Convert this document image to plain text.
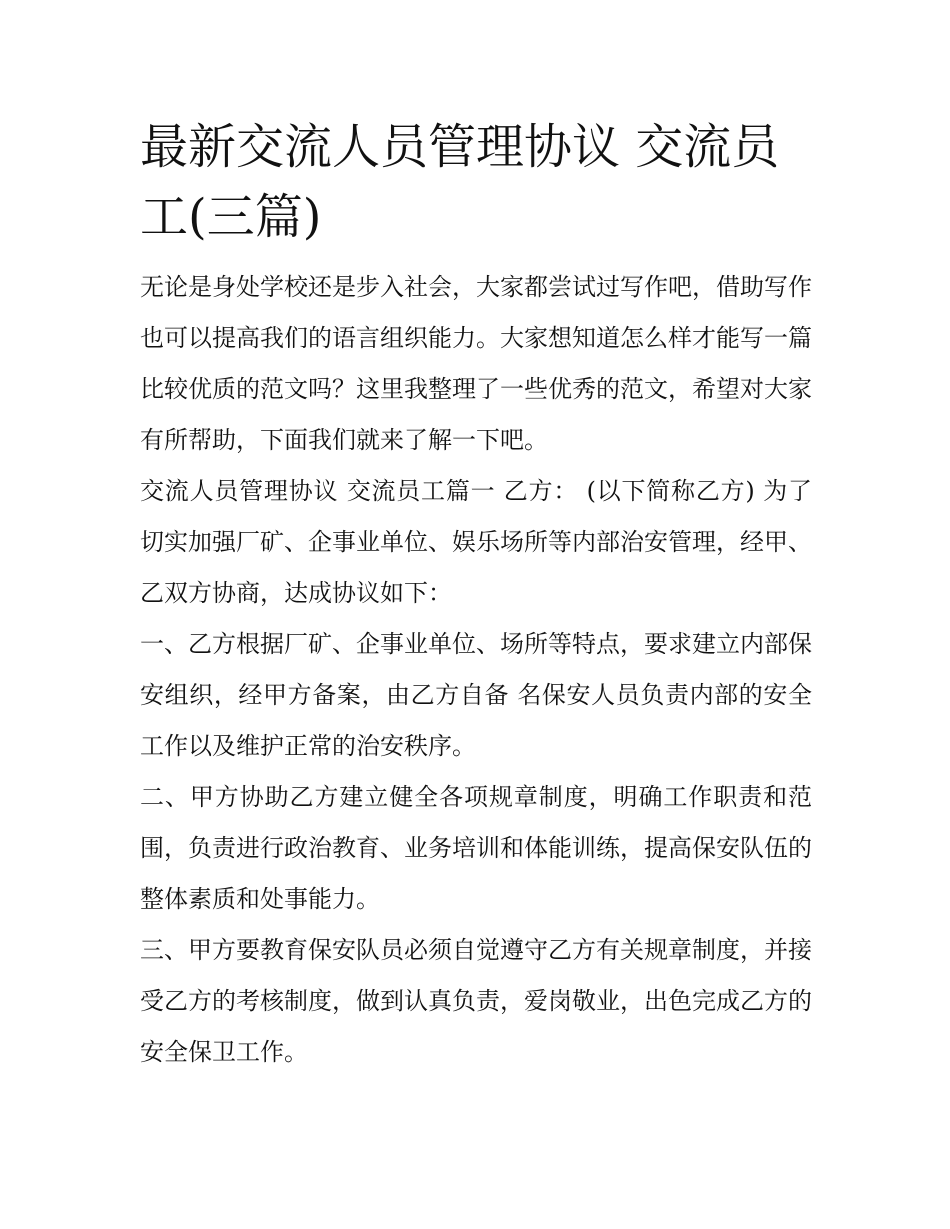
最新交流人员管理协议 交流员工(三篇)

无论是身处学校还是步入社会，大家都尝试过写作吧，借助写作也可以提高我们的语言组织能力。大家想知道怎么样才能写一篇比较优质的范文吗？这里我整理了一些优秀的范文，希望对大家有所帮助，下面我们就来了解一下吧。

交流人员管理协议 交流员工篇一 乙方： (以下简称乙方) 为了切实加强厂矿、企事业单位、娱乐场所等内部治安管理，经甲、乙双方协商，达成协议如下：

一、乙方根据厂矿、企事业单位、场所等特点，要求建立内部保安组织，经甲方备案，由乙方自备 名保安人员负责内部的安全工作以及维护正常的治安秩序。

二、甲方协助乙方建立健全各项规章制度，明确工作职责和范围，负责进行政治教育、业务培训和体能训练，提高保安队伍的整体素质和处事能力。

三、甲方要教育保安队员必须自觉遵守乙方有关规章制度，并接受乙方的考核制度，做到认真负责，爱岗敬业，出色完成乙方的安全保卫工作。
